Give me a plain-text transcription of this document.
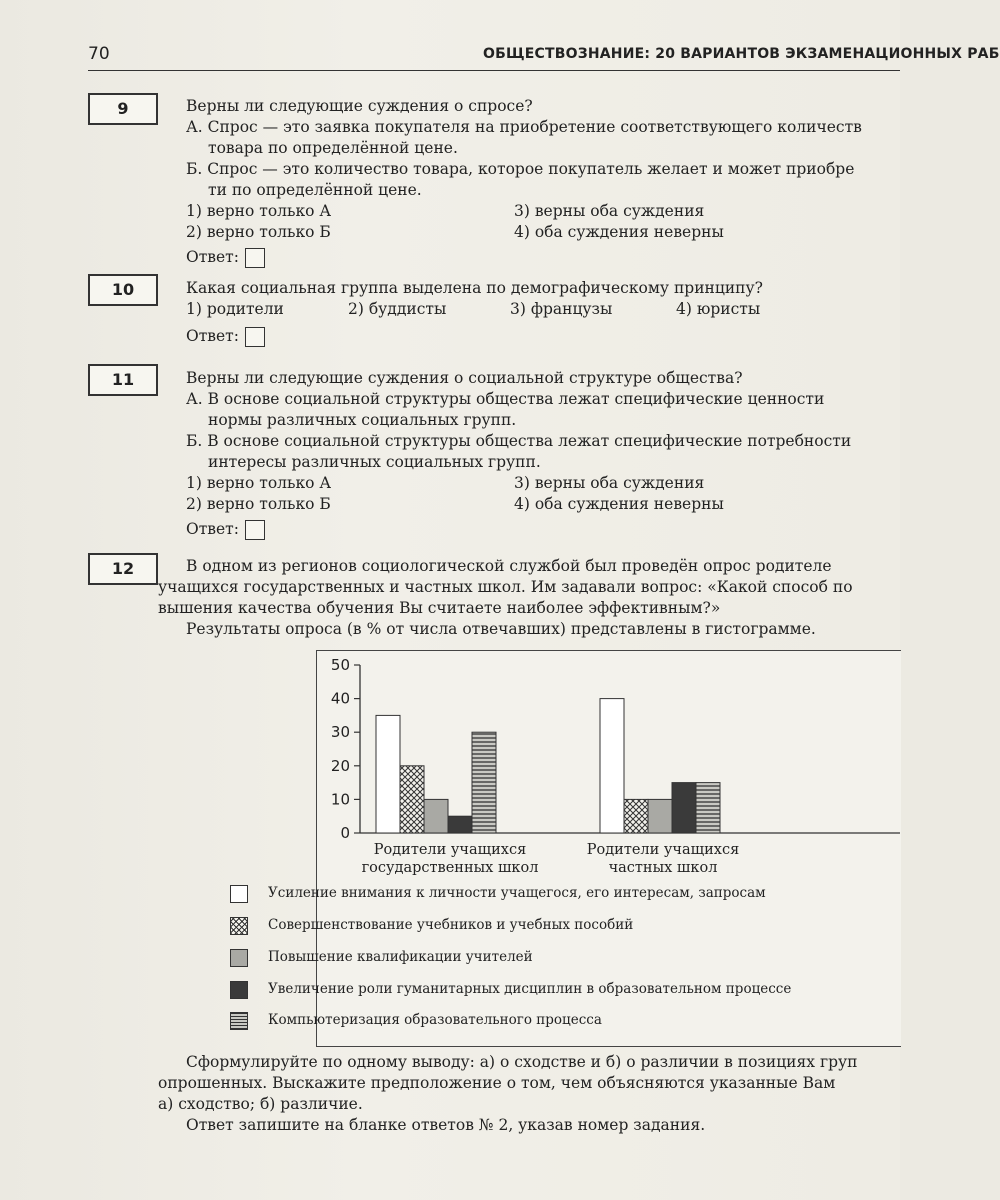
70	ОБЩЕСТВОЗНАНИЕ: 20 ВАРИАНТОВ ЭКЗАМЕНАЦИОННЫХ РАБ
9	Верны ли следующие суждения о спросе?
А. Спрос — это заявка покупателя на приобретение соответствующего количеств
товара по определённой цене.
Б. Спрос — это количество товара, которое покупатель желает и может приобре
ти по определённой цене.
1) верно только А	3) верны оба суждения
2) верно только Б	4) оба суждения неверны
Ответ:
10	Какая социальная группа выделена по демографическому принципу?
1) родители	2) буддисты	3) французы	4) юристы
Ответ:
11	Верны ли следующие суждения о социальной структуре общества?
А. В основе социальной структуры общества лежат специфические ценности
нормы различных социальных групп.
Б. В основе социальной структуры общества лежат специфические потребности
интересы различных социальных групп.
1) верно только А	3) верны оба суждения
2) верно только Б	4) оба суждения неверны
Ответ:
12	В одном из регионов социологической службой был проведён опрос родителе
учащихся государственных и частных школ. Им задавали вопрос: «Какой способ по
вышения качества обучения Вы считаете наиболее эффективным?»
Результаты опроса (в % от числа отвечавших) представлены в гистограмме.
0
10
20
30
40
50
Родители учащихся
государственных школ
Родители учащихся
частных школ
Усиление внимания к личности учащегося, его интересам, запросам
Совершенствование учебников и учебных пособий
Повышение квалификации учителей
Увеличение роли гуманитарных дисциплин в образовательном процессе
Компьютеризация образовательного процесса
Сформулируйте по одному выводу: а) о сходстве и б) о различии в позициях груп
опрошенных. Выскажите предположение о том, чем объясняются указанные Вам
а) сходство; б) различие.
Ответ запишите на бланке ответов № 2, указав номер задания.
